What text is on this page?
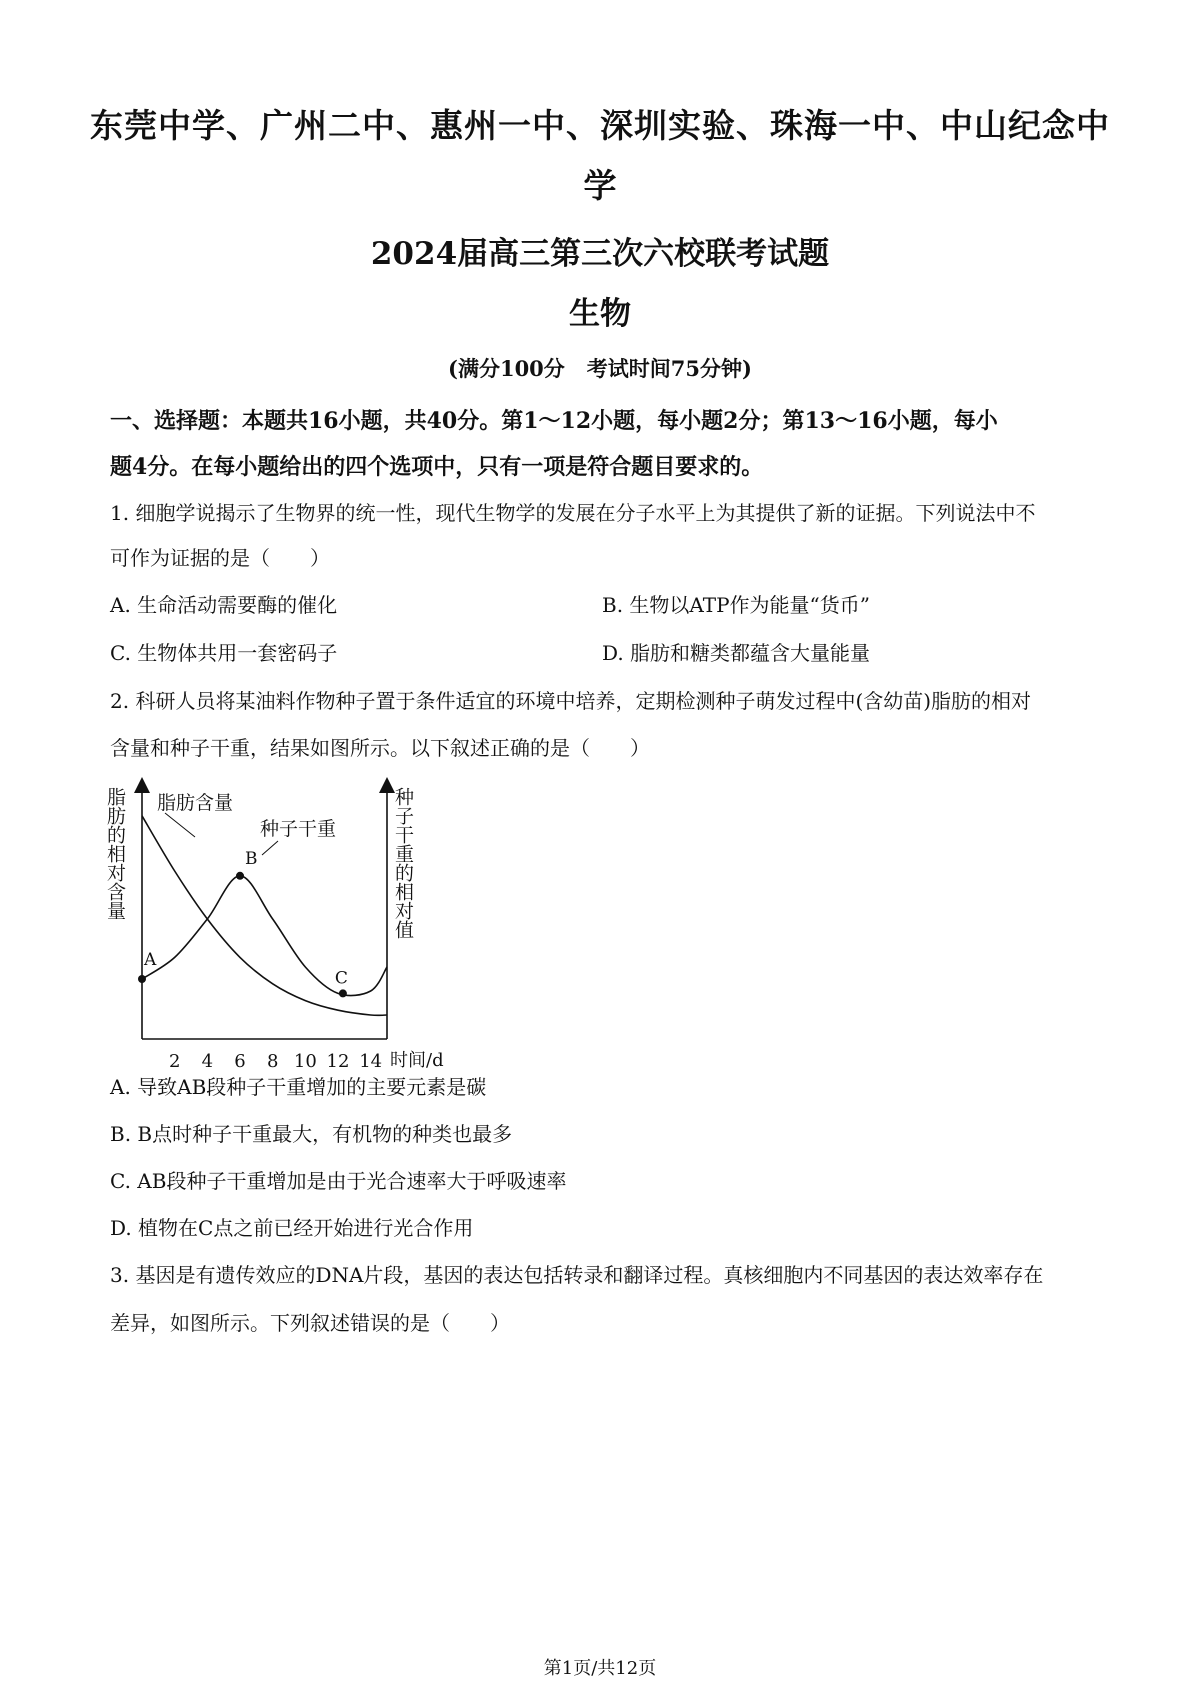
东莞中学、广州二中、惠州一中、深圳实验、珠海一中、中山纪念中
学
2024届高三第三次六校联考试题
生物
(满分100分 考试时间75分钟)
一、选择题：本题共16小题，共40分。第1～12小题，每小题2分；第13～16小题，每小
题4分。在每小题给出的四个选项中，只有一项是符合题目要求的。
1. 细胞学说揭示了生物界的统一性，现代生物学的发展在分子水平上为其提供了新的证据。下列说法中不
可作为证据的是（　　）
A. 生命活动需要酶的催化	B. 生物以ATP作为能量“货币”
C. 生物体共用一套密码子	D. 脂肪和糖类都蕴含大量能量
2. 科研人员将某油料作物种子置于条件适宜的环境中培养，定期检测种子萌发过程中(含幼苗)脂肪的相对
含量和种子干重，结果如图所示。以下叙述正确的是（　　）
脂肪的相对含量	种子干重的相对值
2 4 6 8 10 12 14 时间/d
脂肪含量
种子干重
A
B
C
A. 导致AB段种子干重增加的主要元素是碳
B. B点时种子干重最大，有机物的种类也最多
C. AB段种子干重增加是由于光合速率大于呼吸速率
D. 植物在C点之前已经开始进行光合作用
3. 基因是有遗传效应的DNA片段，基因的表达包括转录和翻译过程。真核细胞内不同基因的表达效率存在
差异，如图所示。下列叙述错误的是（　　）
第1页/共12页
